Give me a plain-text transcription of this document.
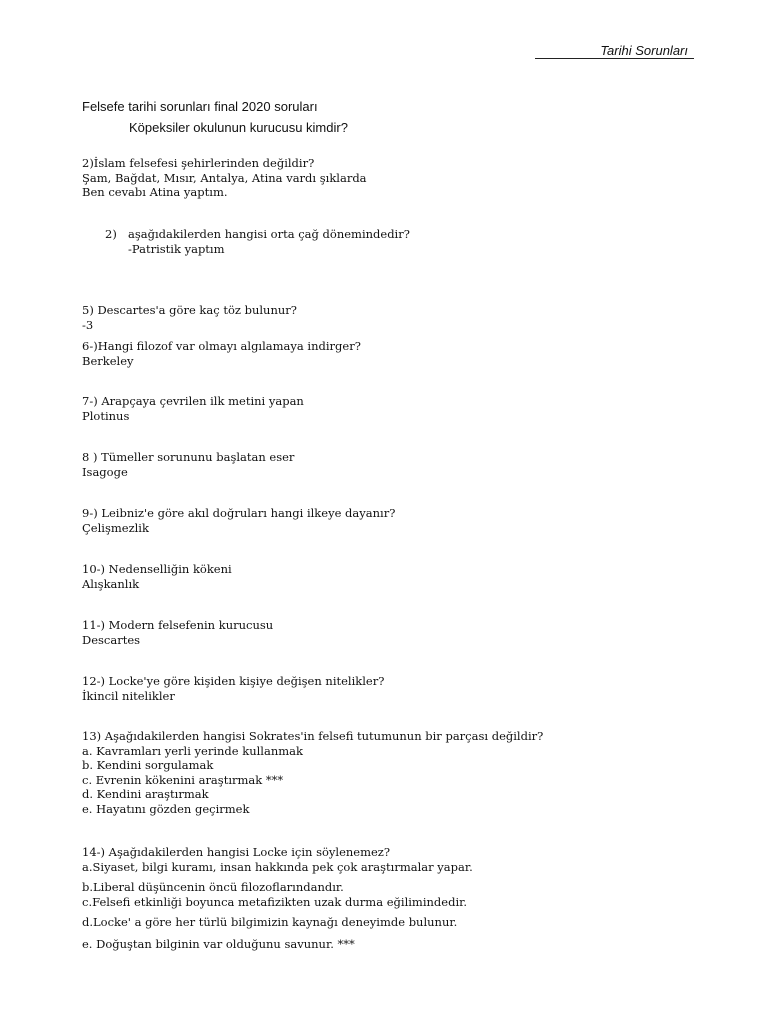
Tarihi Sorunları
Felsefe tarihi sorunları final 2020 soruları
Köpeksiler okulunun kurucusu kimdir?
2)İslam felsefesi şehirlerinden değildir?
Şam, Bağdat, Mısır, Antalya, Atina vardı şıklarda
Ben cevabı Atina yaptım.
2) aşağıdakilerden hangisi orta çağ dönemindedir?
-Patristik yaptım
5) Descartes'a göre kaç töz bulunur?
-3
6-)Hangi filozof var olmayı algılamaya indirger?
Berkeley
7-) Arapçaya çevrilen ilk metini yapan
Plotinus
8 ) Tümeller sorununu başlatan eser
Isagoge
9-) Leibniz'e göre akıl doğruları hangi ilkeye dayanır?
Çelişmezlik
10-) Nedenselliğin kökeni
Alışkanlık
11-) Modern felsefenin kurucusu
Descartes
12-) Locke'ye göre kişiden kişiye değişen nitelikler?
İkincil nitelikler
13) Aşağıdakilerden hangisi Sokrates'in felsefi tutumunun bir parçası değildir?
a. Kavramları yerli yerinde kullanmak
b. Kendini sorgulamak
c. Evrenin kökenini araştırmak ***
d. Kendini araştırmak
e. Hayatını gözden geçirmek
14-) Aşağıdakilerden hangisi Locke için söylenemez?
a.Siyaset, bilgi kuramı, insan hakkında pek çok araştırmalar yapar.
b.Liberal düşüncenin öncü filozoflarındandır.
c.Felsefi etkinliği boyunca metafizikten uzak durma eğilimindedir.
d.Locke' a göre her türlü bilgimizin kaynağı deneyimde bulunur.
e. Doğuştan bilginin var olduğunu savunur. ***
